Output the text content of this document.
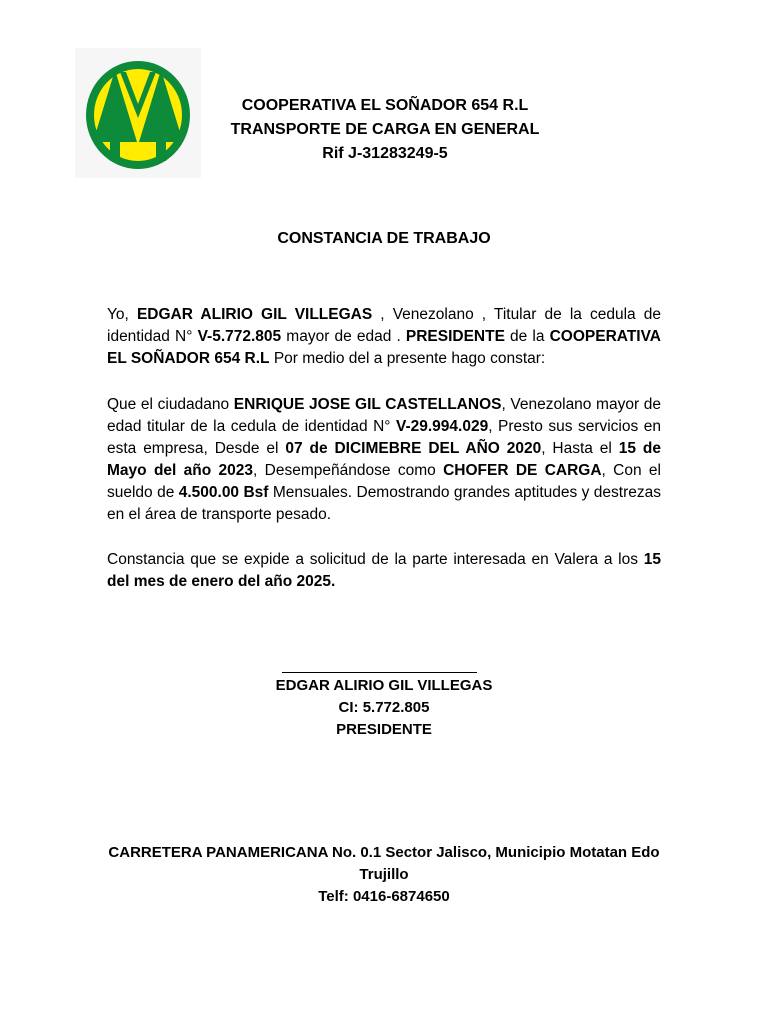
COOPERATIVA EL SOÑADOR 654 R.L
TRANSPORTE DE CARGA EN GENERAL
Rif J-31283249-5
CONSTANCIA DE TRABAJO
Yo, EDGAR ALIRIO GIL VILLEGAS , Venezolano , Titular de la cedula de identidad N° V-5.772.805 mayor de edad . PRESIDENTE de la COOPERATIVA EL SOÑADOR 654 R.L Por medio del a presente hago constar:
Que el ciudadano ENRIQUE JOSE GIL CASTELLANOS, Venezolano mayor de edad titular de la cedula de identidad N° V-29.994.029, Presto sus servicios en esta empresa, Desde el 07 de DICIMEBRE DEL AÑO 2020, Hasta el 15 de Mayo del año 2023, Desempeñándose como CHOFER DE CARGA, Con el sueldo de 4.500.00 Bsf Mensuales. Demostrando grandes aptitudes y destrezas en el área de transporte pesado.
Constancia que se expide a solicitud de la parte interesada en Valera a los 15 del mes de enero del año 2025.
EDGAR ALIRIO GIL VILLEGAS
CI: 5.772.805
PRESIDENTE
CARRETERA PANAMERICANA No. 0.1 Sector Jalisco, Municipio Motatan Edo
Trujillo
Telf: 0416-6874650
